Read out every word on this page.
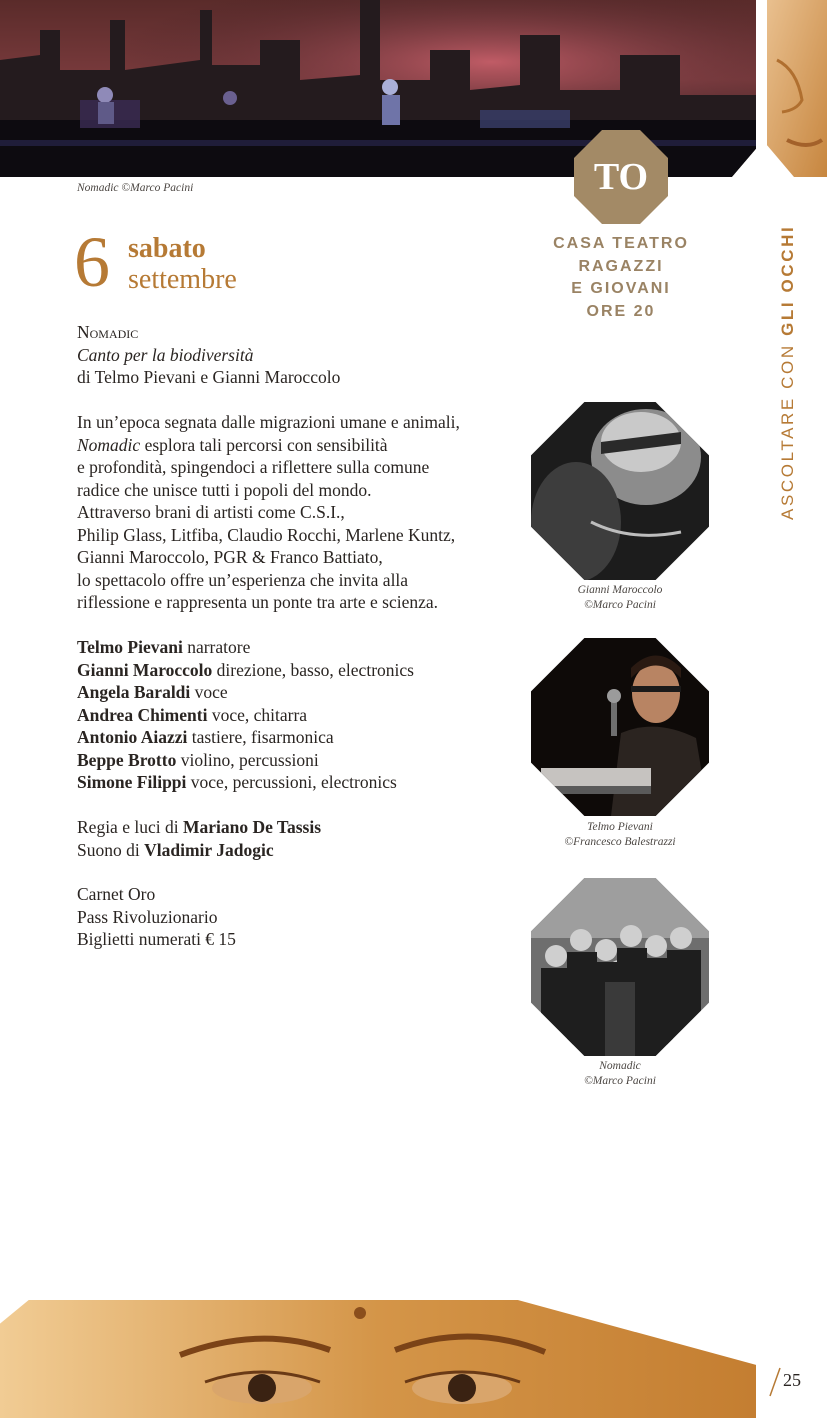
Nomadic ©Marco Pacini
6 sabato
settembre
TO
CASA TEATRO
RAGAZZI
E GIOVANI
ORE 20
ASCOLTARE CON GLI OCCHI

Nomadic

Canto per la biodiversità

di Telmo Pievani e Gianni Maroccolo

In un’epoca segnata dalle migrazioni umane e animali,

Nomadic esplora tali percorsi con sensibilità

e profondità, spingendoci a riflettere sulla comune

radice che unisce tutti i popoli del mondo.

Attraverso brani di artisti come C.S.I.,

Philip Glass, Litfiba, Claudio Rocchi, Marlene Kuntz,

Gianni Maroccolo, PGR & Franco Battiato,

lo spettacolo offre un’esperienza che invita alla

riflessione e rappresenta un ponte tra arte e scienza.

Telmo Pievani narratore

Gianni Maroccolo direzione, basso, electronics

Angela Baraldi voce

Andrea Chimenti voce, chitarra

Antonio Aiazzi tastiere, fisarmonica

Beppe Brotto violino, percussioni

Simone Filippi voce, percussioni, electronics

Regia e luci di Mariano De Tassis

Suono di Vladimir Jadogic

Carnet Oro

Pass Rivoluzionario

Biglietti numerati € 15

Gianni Maroccolo
©Marco Pacini
Telmo Pievani
©Francesco Balestrazzi
Nomadic
©Marco Pacini
25
